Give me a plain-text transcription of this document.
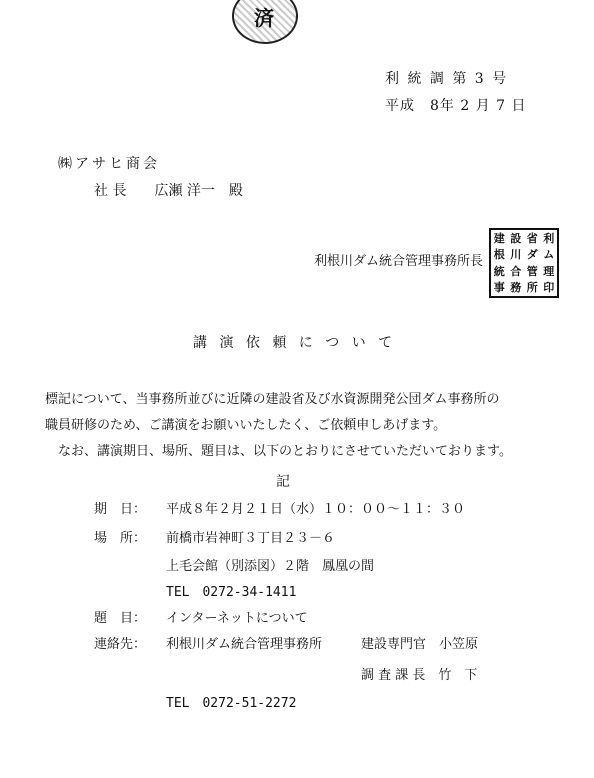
済
利 統 調 第 3 号
平成　8年 2 月 7 日
㈱アサヒ商会
社 長　　広瀬 洋一　殿
利根川ダム統合管理事務所長
建 設 省 利
根 川 ダ ム
統 合 管 理
事 務 所 印
講 演 依 頼 に つ い て
標記について、当事務所並びに近隣の建設省及び水資源開発公団ダム事務所の
職員研修のため、ご講演をお願いいたしたく、ご依頼申しあげます。
なお、講演期日、場所、題目は、以下のとおりにさせていただいております。
記
期　日： 平成８年２月２１日（水）１０：００～１１：３０
場　所： 前橋市岩神町３丁目２３－６
上毛会館（別添図）２階　鳳凰の間
TEL　0272-34-1411
題　目： インターネットについて
連絡先： 利根川ダム統合管理事務所	建設専門官　小笠原
調 査 課 長　竹　下
TEL　0272-51-2272
